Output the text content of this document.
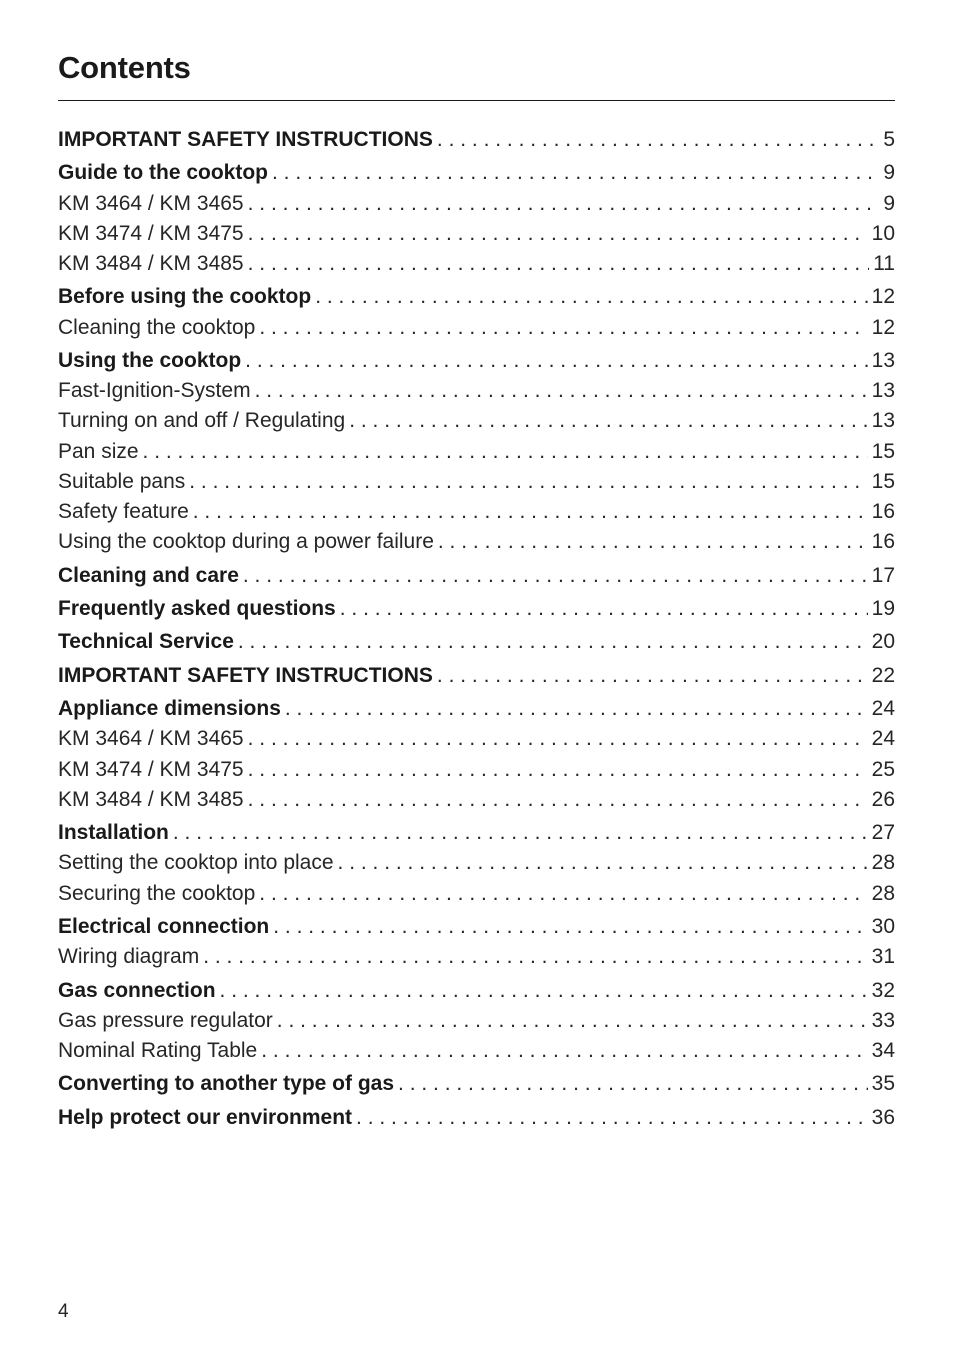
Contents
IMPORTANT SAFETY INSTRUCTIONS . . .	5
Guide to the cooktop . . .	9
KM 3464 / KM 3465 . . .	9
KM 3474 / KM 3475 . . .	10
KM 3484 / KM 3485 . . .	11
Before using the cooktop . . .	12
Cleaning the cooktop . . .	12
Using the cooktop . . .	13
Fast-Ignition-System . . .	13
Turning on and off / Regulating . . .	13
Pan size . . .	15
Suitable pans . . .	15
Safety feature . . .	16
Using the cooktop during a power failure . . .	16
Cleaning and care . . .	17
Frequently asked questions . . .	19
Technical Service . . .	20
IMPORTANT SAFETY INSTRUCTIONS . . .	22
Appliance dimensions . . .	24
KM 3464 / KM 3465 . . .	24
KM 3474 / KM 3475 . . .	25
KM 3484 / KM 3485 . . .	26
Installation . . .	27
Setting the cooktop into place . . .	28
Securing the cooktop . . .	28
Electrical connection . . .	30
Wiring diagram . . .	31
Gas connection . . .	32
Gas pressure regulator . . .	33
Nominal Rating Table . . .	34
Converting to another type of gas . . .	35
Help protect our environment . . .	36
4
